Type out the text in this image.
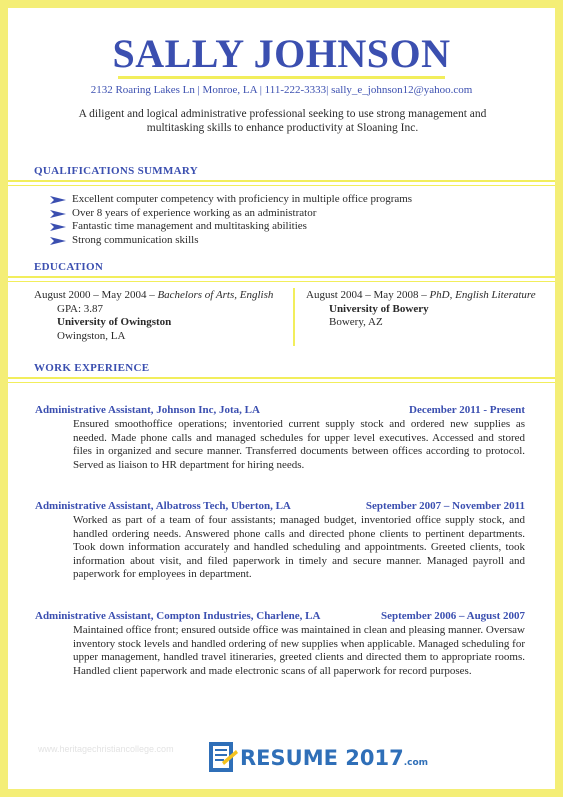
SALLY JOHNSON
2132 Roaring Lakes Ln | Monroe, LA | 111-222-3333| sally_e_johnson12@yahoo.com
A diligent and logical administrative professional seeking to use strong management and multitasking skills to enhance productivity at Sloaning Inc.
QUALIFICATIONS SUMMARY
Excellent computer competency with proficiency in multiple office programs
Over 8 years of experience working as an administrator
Fantastic time management and multitasking abilities
Strong communication skills
EDUCATION
August 2000 – May 2004 – Bachelors of Arts, English
GPA: 3.87
University of Owingston
Owingston, LA
August 2004 – May 2008 – PhD, English Literature
University of Bowery
Bowery, AZ
WORK EXPERIENCE
Administrative Assistant, Johnson Inc, Jota, LA	December 2011 - Present
Ensured smoothoffice operations; inventoried current supply stock and ordered new supplies as needed. Made phone calls and managed schedules for upper level executives. Accessed and stored files in organized and secure manner. Transferred documents between offices according to protocol. Served as liaison to HR department for hiring needs.
Administrative Assistant, Albatross Tech, Uberton, LA	September 2007 – November 2011
Worked as part of a team of four assistants; managed budget, inventoried office supply stock, and handled ordering needs. Answered phone calls and directed phone clients to pertinent departments. Took down information accurately and handled scheduling and appointments. Greeted clients, took information about visit, and filed paperwork in timely and secure manner. Managed payroll and paperwork for employees in department.
Administrative Assistant, Compton Industries, Charlene, LA	September 2006 – August 2007
Maintained office front; ensured outside office was maintained in clean and pleasing manner. Oversaw inventory stock levels and handled ordering of new supplies when applicable. Managed scheduling for upper management, handled travel itineraries, greeted clients and directed them to appropriate rooms. Handled client paperwork and made electronic scans of all paperwork for record purposes.
www.heritagechristiancollege.com	RESUME 2017.com
